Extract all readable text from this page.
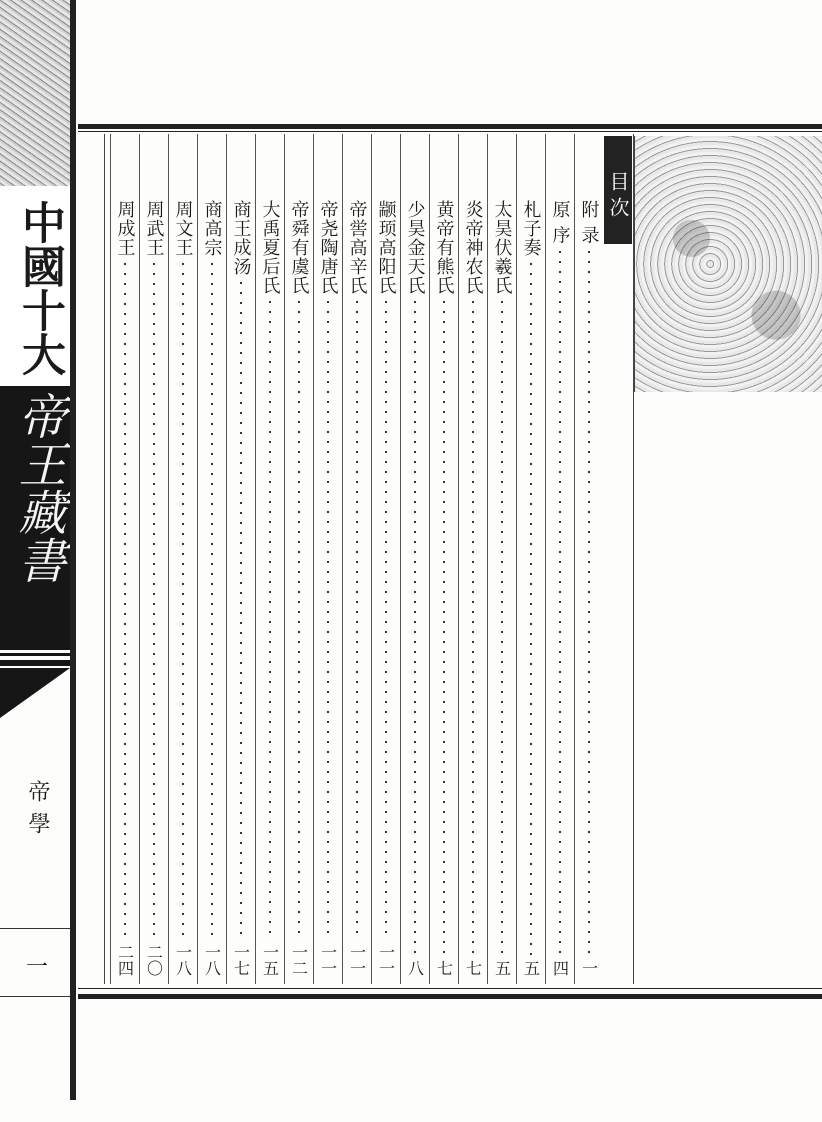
中國十大
帝王藏書
帝學
一
目次
附 录
一
原 序
四
札子奏
五
太昊伏羲氏
五
炎帝神农氏
七
黄帝有熊氏
七
少昊金天氏
八
颛顼高阳氏
一一
帝喾高辛氏
一一
帝尧陶唐氏
一一
帝舜有虞氏
一二
大禹夏后氏
一五
商王成汤
一七
商高宗
一八
周文王
一八
周武王
二〇
周成王
二四
